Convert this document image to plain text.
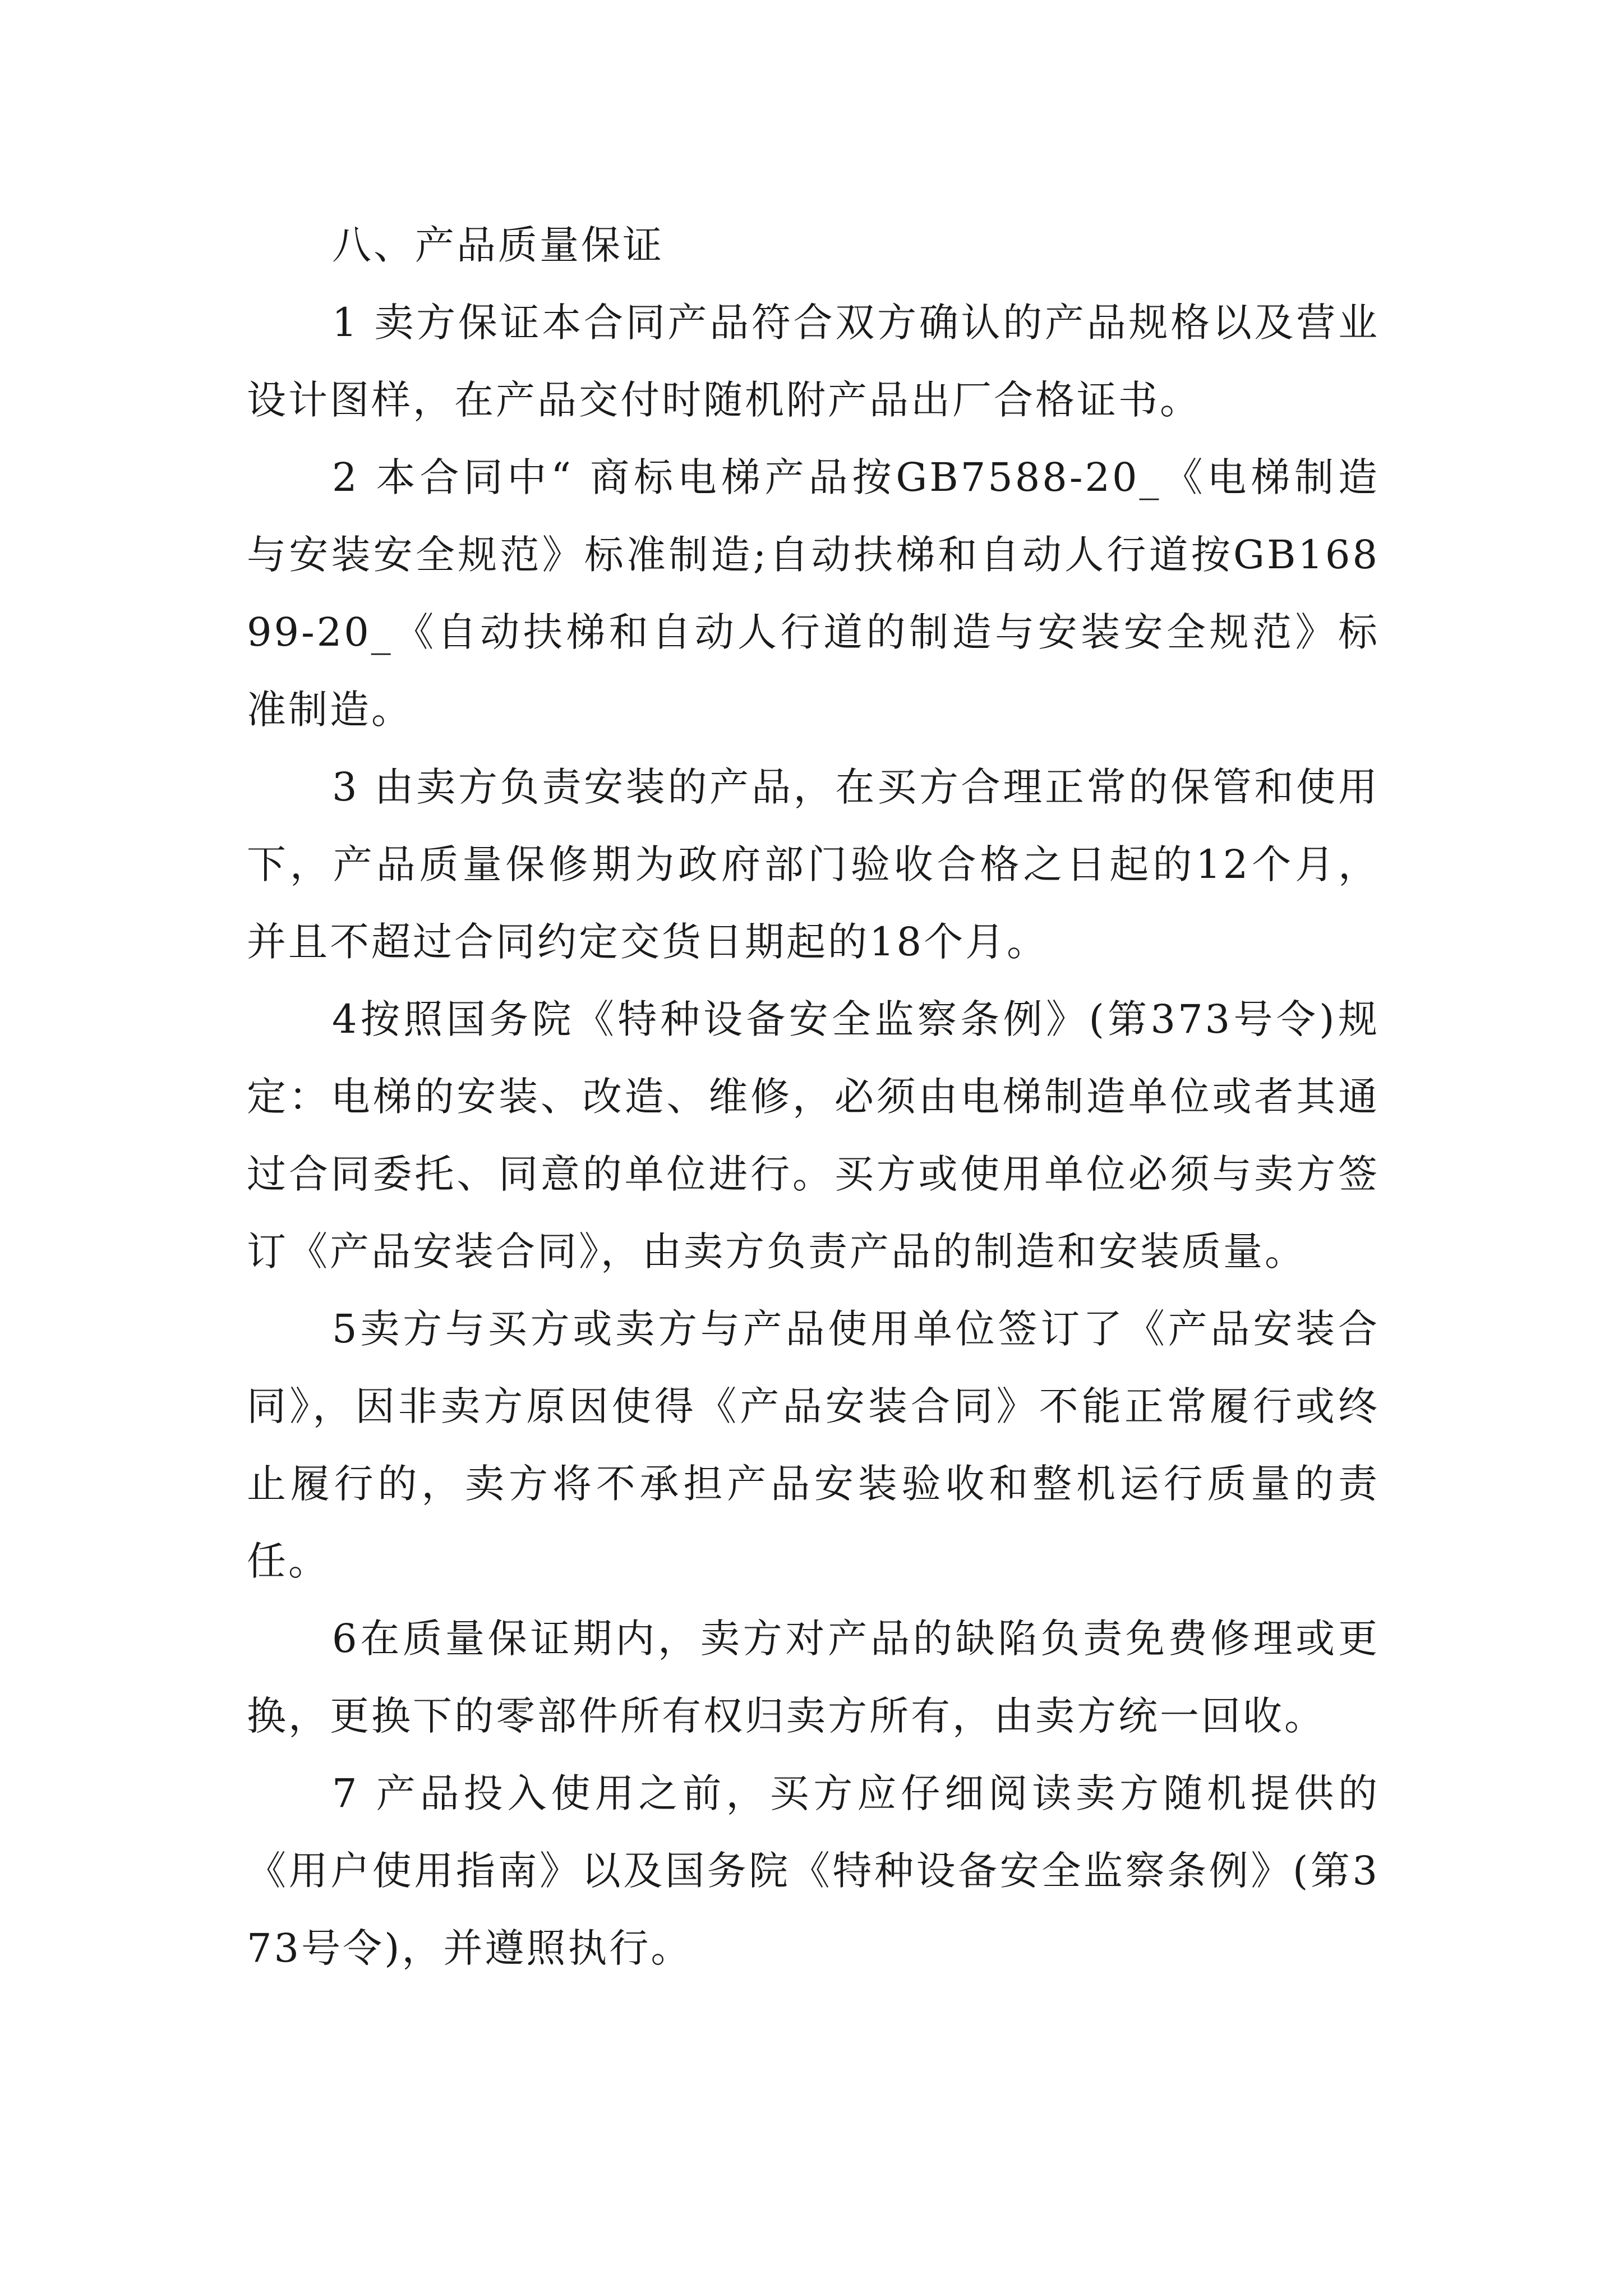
八、产品质量保证

1 卖方保证本合同产品符合双方确认的产品规格以及营业设计图样，在产品交付时随机附产品出厂合格证书。

2 本合同中“ 商标电梯产品按GB7588-20_《电梯制造与安装安全规范》标准制造;自动扶梯和自动人行道按GB16899-20_《自动扶梯和自动人行道的制造与安装安全规范》标准制造。

3 由卖方负责安装的产品，在买方合理正常的保管和使用下，产品质量保修期为政府部门验收合格之日起的12个月，并且不超过合同约定交货日期起的18个月。

4按照国务院《特种设备安全监察条例》(第373号令)规定：电梯的安装、改造、维修，必须由电梯制造单位或者其通过合同委托、同意的单位进行。买方或使用单位必须与卖方签订《产品安装合同》，由卖方负责产品的制造和安装质量。

5卖方与买方或卖方与产品使用单位签订了《产品安装合同》，因非卖方原因使得《产品安装合同》不能正常履行或终止履行的，卖方将不承担产品安装验收和整机运行质量的责任。

6在质量保证期内，卖方对产品的缺陷负责免费修理或更换，更换下的零部件所有权归卖方所有，由卖方统一回收。

7 产品投入使用之前，买方应仔细阅读卖方随机提供的《用户使用指南》以及国务院《特种设备安全监察条例》(第373号令)，并遵照执行。
